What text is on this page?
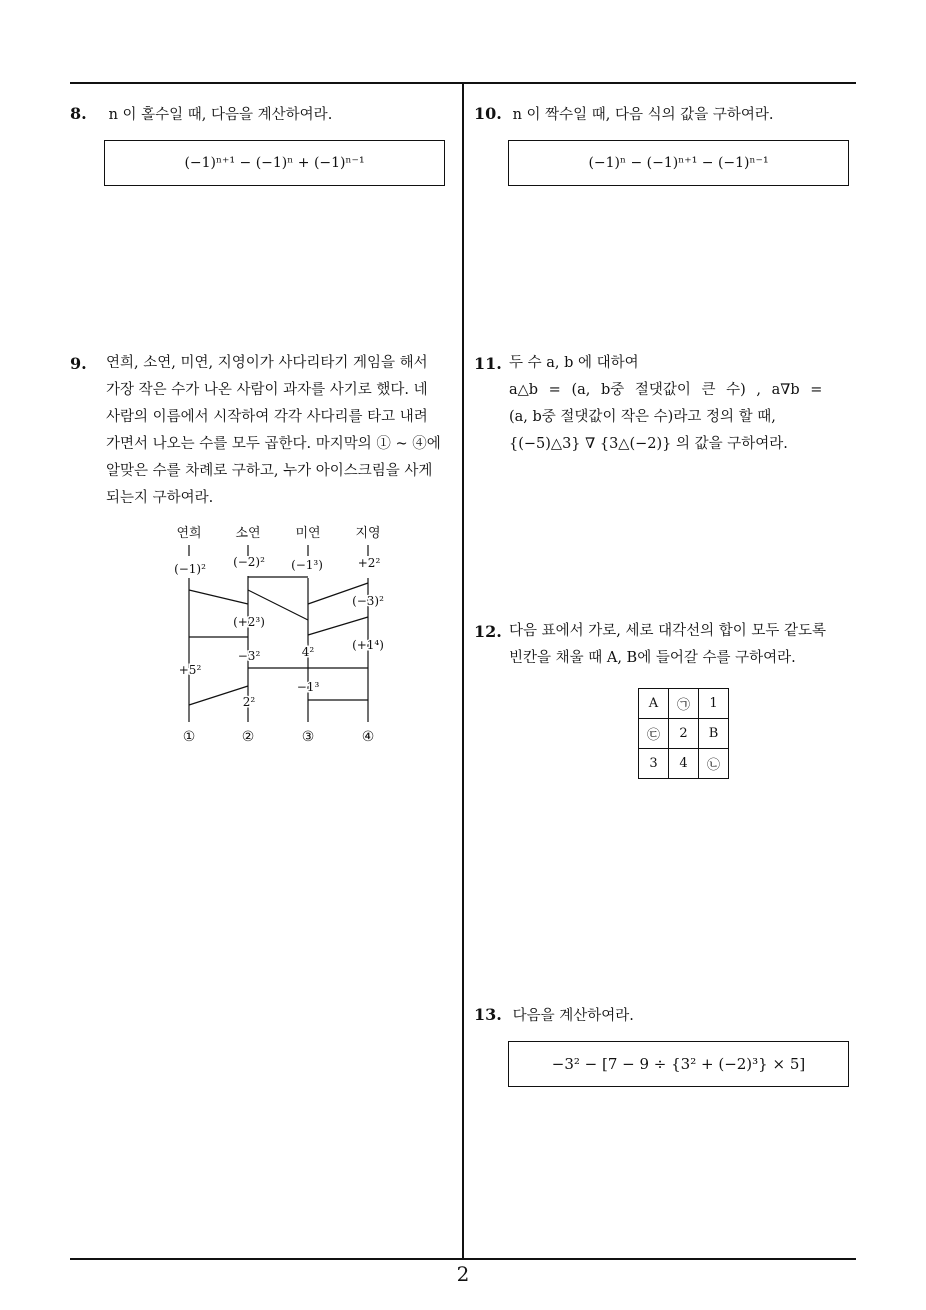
8. n 이 홀수일 때, 다음을 계산하여라.
(−1)ⁿ⁺¹ − (−1)ⁿ + (−1)ⁿ⁻¹
9. 연희, 소연, 미연, 지영이가 사다리타기 게임을 해서
가장 작은 수가 나온 사람이 과자를 사기로 했다. 네
사람의 이름에서 시작하여 각각 사다리를 타고 내려
가면서 나오는 수를 모두 곱한다. 마지막의 ① ~ ④에
알맞은 수를 차례로 구하고, 누가 아이스크림을 사게
되는지 구하여라.
연희	소연	미연	지영
(−1)² (−2)² (−1³)	+2²
(−3)²
(+2³)
−3²	4²	(+1⁴)
+5²
−1³
2²
①	②	③	④
10. n 이 짝수일 때, 다음 식의 값을 구하여라.
(−1)ⁿ − (−1)ⁿ⁺¹ − (−1)ⁿ⁻¹
11. 두 수 a, b 에 대하여
a△b = (a, b중 절댓값이 큰 수) , a∇b =
(a, b중 절댓값이 작은 수)라고 정의 할 때,
{(−5)△3} ∇ {3△(−2)} 의 값을 구하여라.
12. 다음 표에서 가로, 세로 대각선의 합이 모두 같도록
빈칸을 채울 때 A, B에 들어갈 수를 구하여라.
A	㉠	1
㉢	2	B
3	4	㉡
13. 다음을 계산하여라.
−3² − [7 − 9 ÷ {3² + (−2)³} × 5]
2
